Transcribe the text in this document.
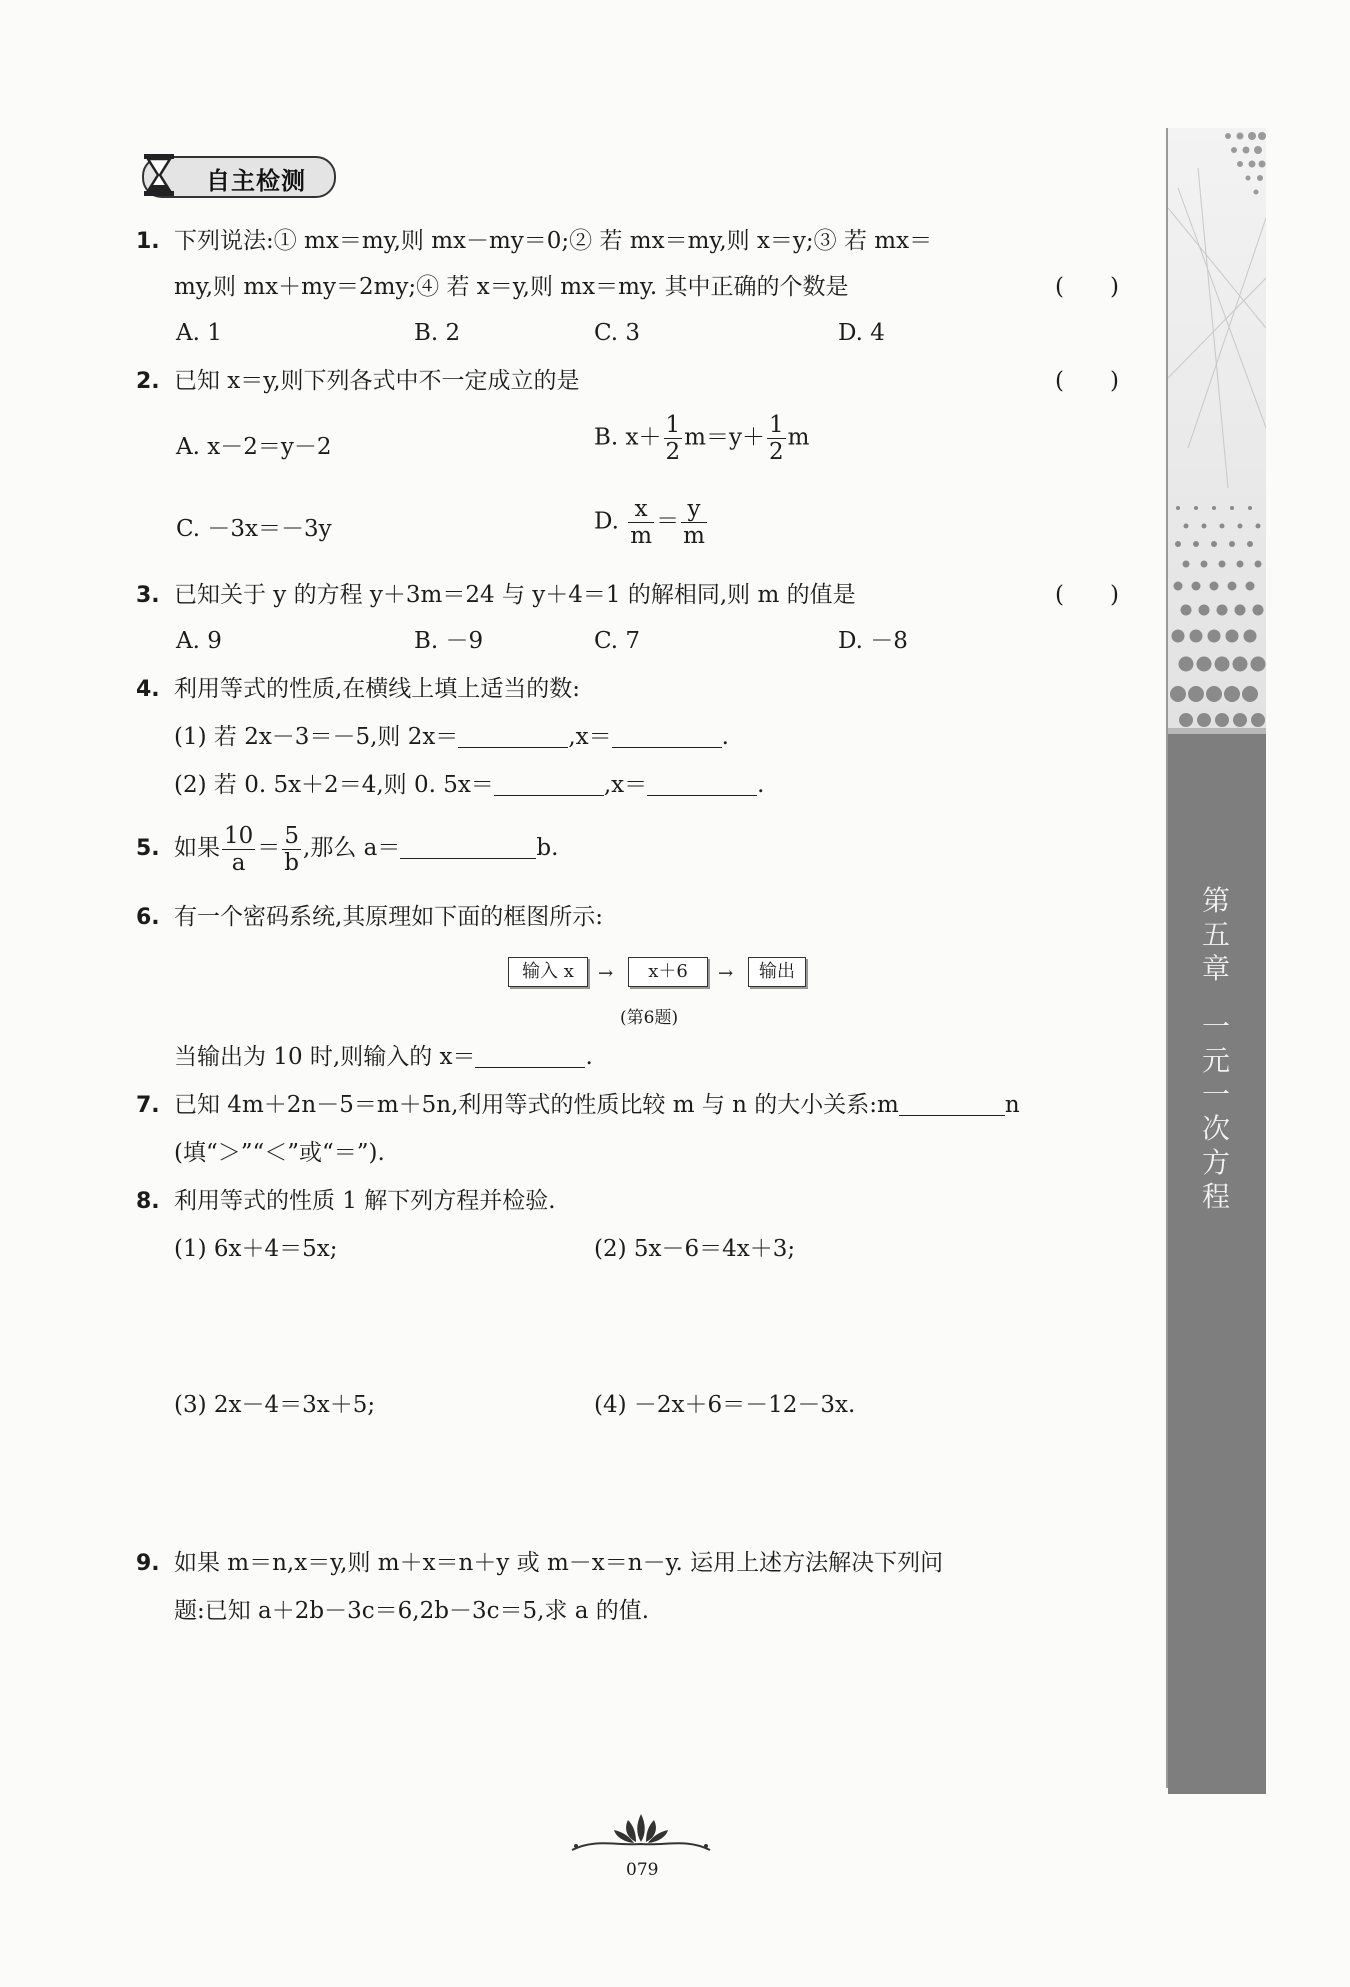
自主检测
第
五
章
一
元
一
次
方
程
1. 下列说法:① mx＝my,则 mx－my＝0;② 若 mx＝my,则 x＝y;③ 若 mx＝
my,则 mx＋my＝2my;④ 若 x＝y,则 mx＝my. 其中正确的个数是	(　　)
A. 1	B. 2	C. 3	D. 4
2. 已知 x＝y,则下列各式中不一定成立的是	(　　)
A. x－2＝y－2	B. $x+ \frac{1}{2} m=y+ \frac{1}{2}$ m
C. －3x＝－3y	D. $\frac{x}{m} = \frac{y}{m}$
3. 已知关于 y 的方程 y＋3m＝24 与 y＋4＝1 的解相同,则 m 的值是	(　　)
A. 9	B. －9	C. 7	D. －8
4. 利用等式的性质,在横线上填上适当的数:
(1) 若 2x－3＝－5,则 2x＝	,x＝	.
(2) 若 0. 5x＋2＝4,则 0. 5x＝	,x＝	.
5. 如果 $\frac{10}{a} = \frac{5}{b}$ ,那么 a＝	b.
6. 有一个密码系统,其原理如下面的框图所示:
输入 x	→	x＋6	→	输出
(第6题)
当输出为 10 时,则输入的 x＝	.
7. 已知 4m＋2n－5＝m＋5n,利用等式的性质比较 m 与 n 的大小关系:m	n
(填“＞”“＜”或“＝”).
8. 利用等式的性质 1 解下列方程并检验.
(1) 6x＋4＝5x;	(2) 5x－6＝4x＋3;
(3) 2x－4＝3x＋5;	(4) －2x＋6＝－12－3x.
9. 如果 m＝n,x＝y,则 m＋x＝n＋y 或 m－x＝n－y. 运用上述方法解决下列问
题:已知 a＋2b－3c＝6,2b－3c＝5,求 a 的值.
079
